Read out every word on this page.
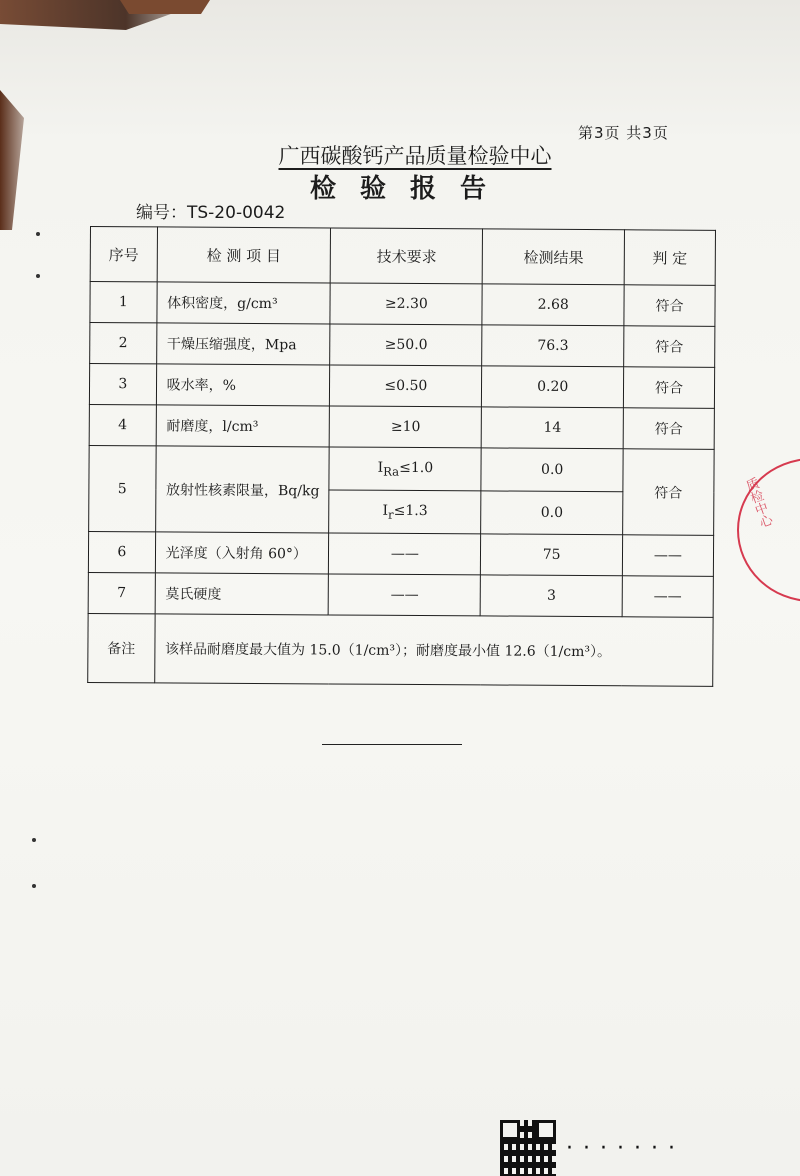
第3页 共3页
广西碳酸钙产品质量检验中心
检验报告
编号：TS-20-0042
序号	检 测 项 目	技术要求	检测结果	判 定
1	体积密度，g/cm³	≥2.30	2.68	符合
2	干燥压缩强度，Mpa	≥50.0	76.3	符合
3	吸水率，%	≤0.50	0.20	符合
4	耐磨度，l/cm³	≥10	14	符合
5	放射性核素限量，Bq/kg	$I_{Ra}\le 1.0$	0.0	符合
		$I_r\le 1.3$	0.0	
6	光泽度（入射角 60°）	——	75	——
7	莫氏硬度	——	3	——
备注	该样品耐磨度最大值为 15.0（1/cm³）；耐磨度最小值 12.6（1/cm³）。			
质检中心
·······
